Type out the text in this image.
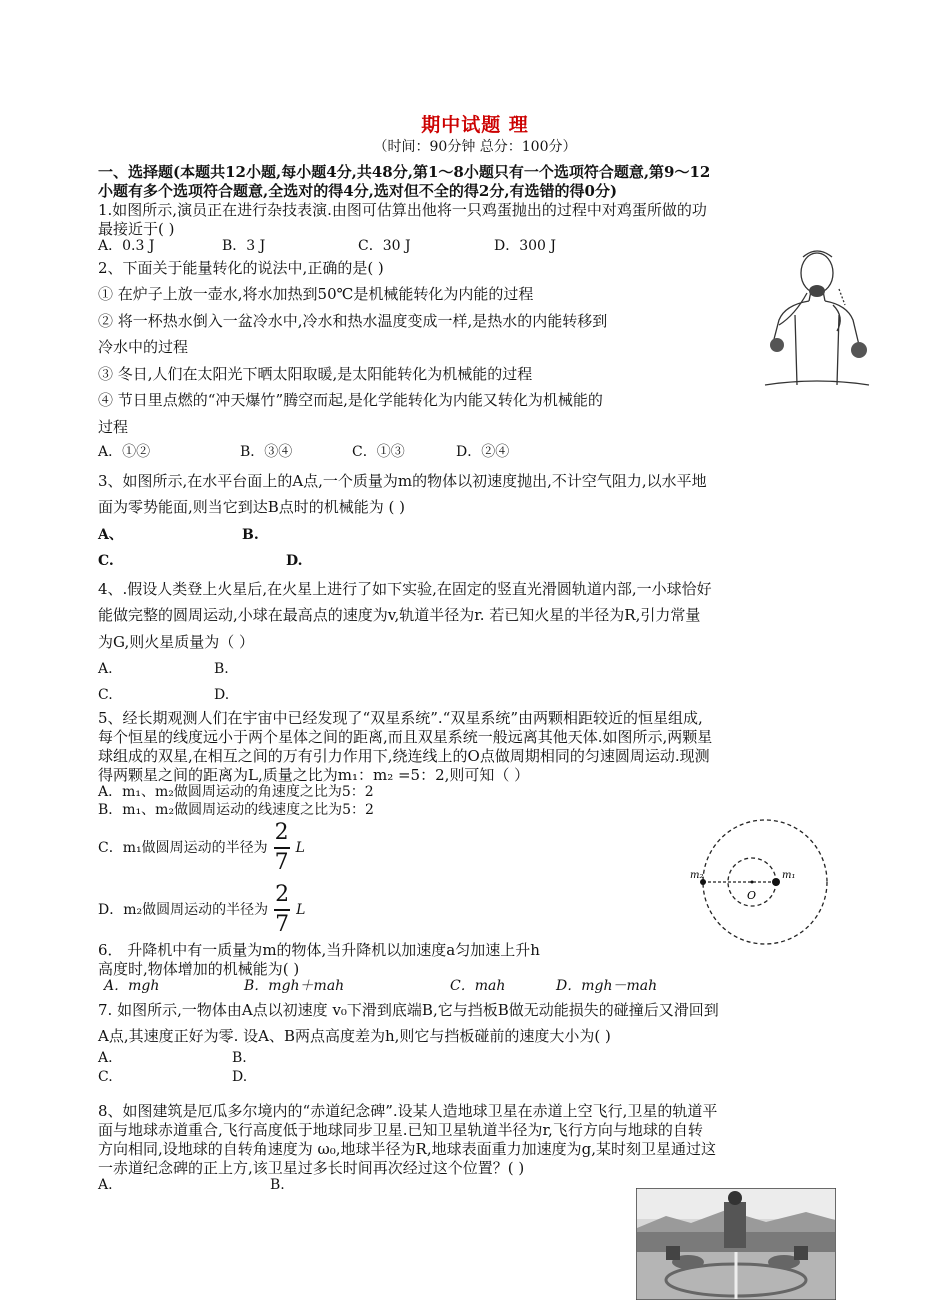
期中试题 理
（时间：90分钟 总分：100分）
一、选择题(本题共12小题,每小题4分,共48分,第1～8小题只有一个选项符合题意,第9～12
小题有多个选项符合题意,全选对的得4分,选对但不全的得2分,有选错的得0分)
1.如图所示,演员正在进行杂技表演.由图可估算出他将一只鸡蛋抛出的过程中对鸡蛋所做的功
最接近于( )
A．0.3 J	B．3 J	C．30 J	D．300 J
2、下面关于能量转化的说法中,正确的是( )
① 在炉子上放一壶水,将水加热到50℃是机械能转化为内能的过程
② 将一杯热水倒入一盆冷水中,冷水和热水温度变成一样,是热水的内能转移到
冷水中的过程
③ 冬日,人们在太阳光下晒太阳取暖,是太阳能转化为机械能的过程
④ 节日里点燃的“冲天爆竹”腾空而起,是化学能转化为内能又转化为机械能的
过程
A．①②	B．③④	C．①③	D．②④
3、如图所示,在水平台面上的A点,一个质量为m的物体以初速度抛出,不计空气阻力,以水平地
面为零势能面,则当它到达B点时的机械能为 ( )
A、	B.
C.	D.
4、.假设人类登上火星后,在火星上进行了如下实验,在固定的竖直光滑圆轨道内部,一小球恰好
能做完整的圆周运动,小球在最高点的速度为v,轨道半径为r. 若已知火星的半径为R,引力常量
为G,则火星质量为（ ）
A.	B.
C.	D.
5、经长期观测人们在宇宙中已经发现了“双星系统”.“双星系统”由两颗相距较近的恒星组成,
每个恒星的线度远小于两个星体之间的距离,而且双星系统一般远离其他天体.如图所示,两颗星
球组成的双星,在相互之间的万有引力作用下,绕连线上的O点做周期相同的匀速圆周运动.现测
得两颗星之间的距离为L,质量之比为m₁：m₂ =5：2,则可知（ ）
A．m₁、m₂做圆周运动的角速度之比为5：2
B．m₁、m₂做圆周运动的线速度之比为5：2
C．m₁做圆周运动的半径为 $\frac{2}{7}$ L
D．m₂做圆周运动的半径为 $\frac{2}{7}$ L
m₂	m₁
O
6． 升降机中有一质量为m的物体,当升降机以加速度a匀加速上升h
高度时,物体增加的机械能为( )
A．mgh	B．mgh＋mah	C．mah	D．mgh－mah
7. 如图所示,一物体由A点以初速度 v₀下滑到底端B,它与挡板B做无动能损失的碰撞后又滑回到
A点,其速度正好为零. 设A、B两点高度差为h,则它与挡板碰前的速度大小为( )
A.	B.
C.	D.
8、如图建筑是厄瓜多尔境内的“赤道纪念碑”.设某人造地球卫星在赤道上空飞行,卫星的轨道平
面与地球赤道重合,飞行高度低于地球同步卫星.已知卫星轨道半径为r,飞行方向与地球的自转
方向相同,设地球的自转角速度为 ω₀,地球半径为R,地球表面重力加速度为g,某时刻卫星通过这
一赤道纪念碑的正上方,该卫星过多长时间再次经过这个位置？( )
A.	B.
